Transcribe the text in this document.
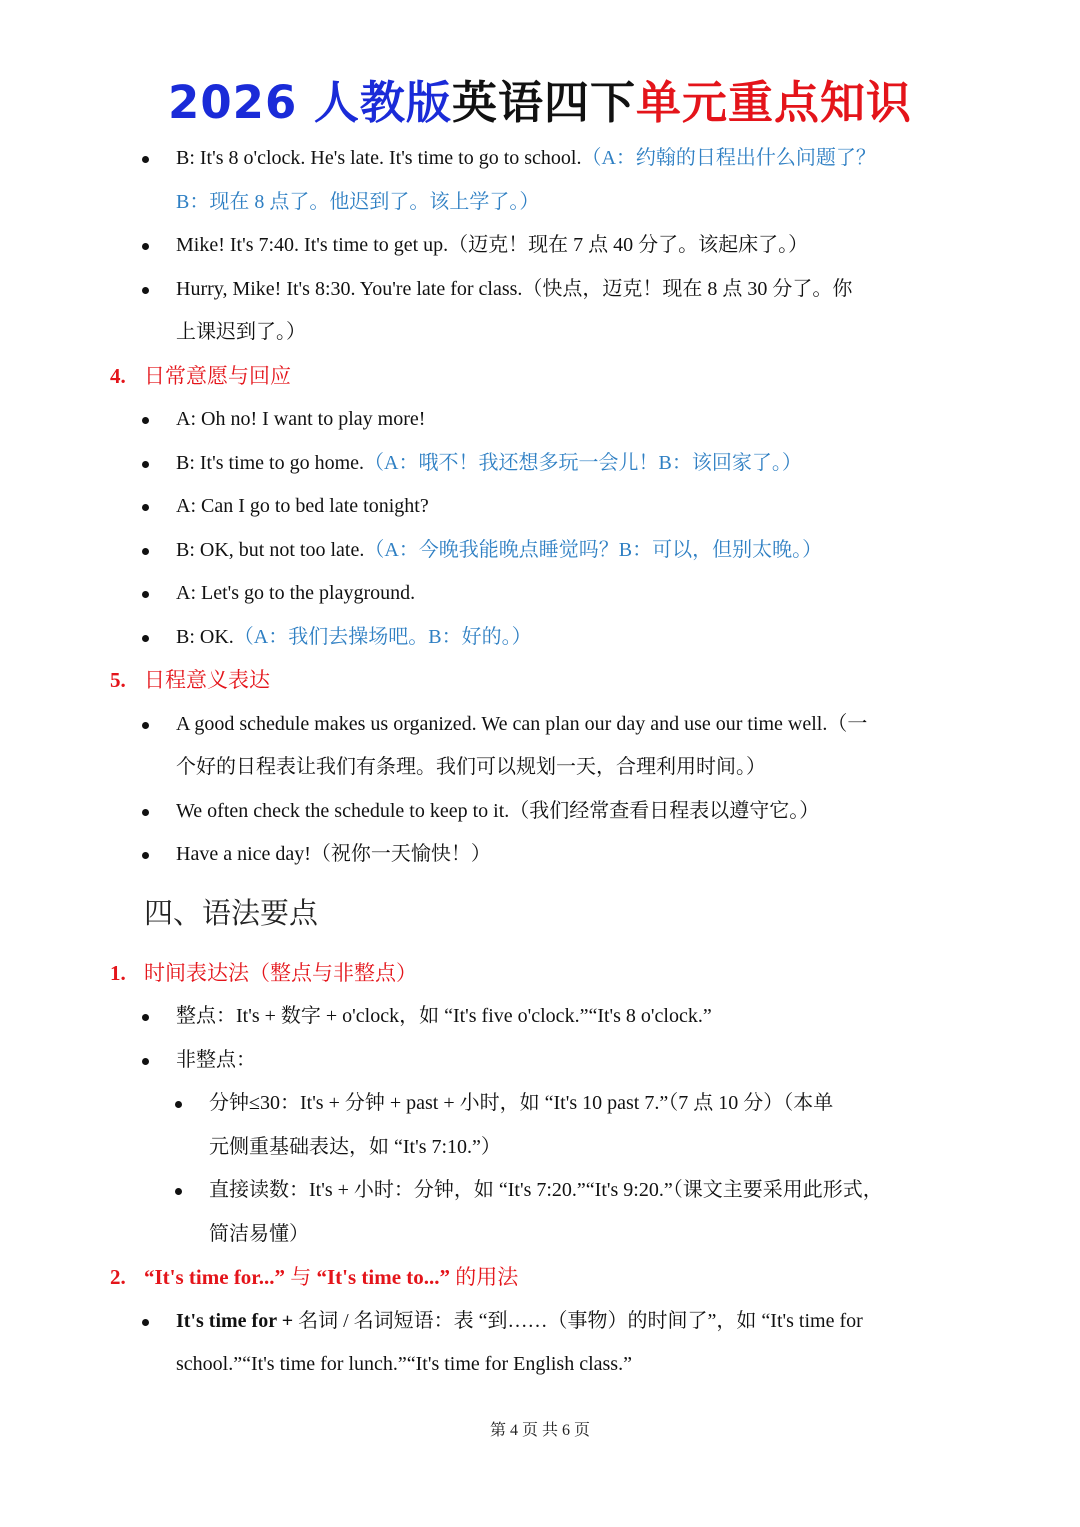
2026 人教版英语四下单元重点知识
B: It's 8 o'clock. He's late. It's time to go to school.（A：约翰的日程出什么问题了？
B：现在 8 点了。他迟到了。该上学了。）
Mike! It's 7:40. It's time to get up.（迈克！现在 7 点 40 分了。该起床了。）
Hurry, Mike! It's 8:30. You're late for class.（快点，迈克！现在 8 点 30 分了。你
上课迟到了。）
4. 日常意愿与回应
A: Oh no! I want to play more!
B: It's time to go home.（A：哦不！我还想多玩一会儿！B：该回家了。）
A: Can I go to bed late tonight?
B: OK, but not too late.（A：今晚我能晚点睡觉吗？B：可以，但别太晚。）
A: Let's go to the playground.
B: OK.（A：我们去操场吧。B：好的。）
5. 日程意义表达
A good schedule makes us organized. We can plan our day and use our time well.（一
个好的日程表让我们有条理。我们可以规划一天，合理利用时间。）
We often check the schedule to keep to it.（我们经常查看日程表以遵守它。）
Have a nice day!（祝你一天愉快！）
四、语法要点
1. 时间表达法（整点与非整点）
整点：It's + 数字 + o'clock，如 “It's five o'clock.”“It's 8 o'clock.”
非整点：
分钟≤30：It's + 分钟 + past + 小时，如 “It's 10 past 7.”（7 点 10 分）（本单
元侧重基础表达，如 “It's 7:10.”）
直接读数：It's + 小时：分钟，如 “It's 7:20.”“It's 9:20.”（课文主要采用此形式，
简洁易懂）
2. “It's time for...” 与 “It's time to...” 的用法
It's time for + 名词 / 名词短语：表 “到……（事物）的时间了”，如 “It's time for
school.”“It's time for lunch.”“It's time for English class.”
第 4 页 共 6 页
